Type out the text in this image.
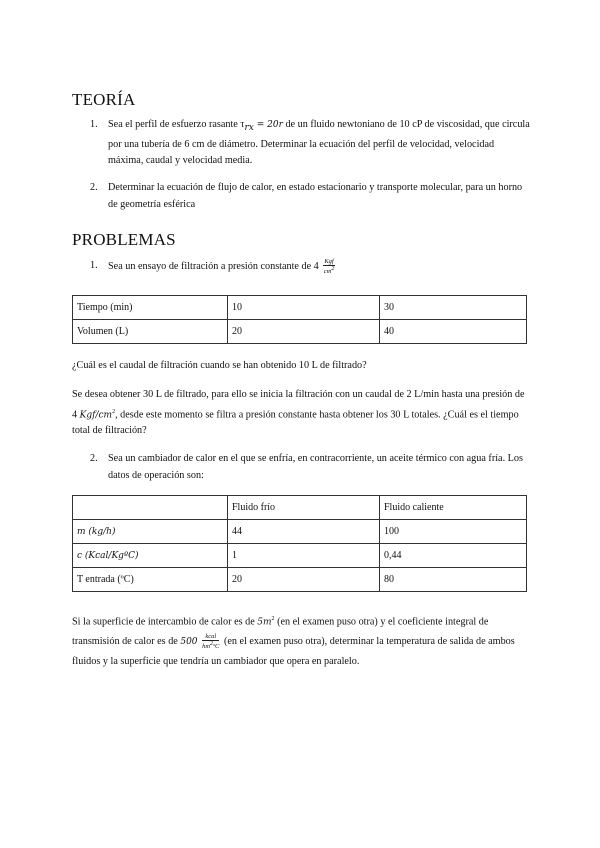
TEORÍA
1. Sea el perfil de esfuerzo rasante $\tau_{rx} = 20r$ de un fluido newtoniano de 10 cP de viscosidad, que circula por una tubería de 6 cm de diámetro. Determinar la ecuación del perfil de velocidad, velocidad máxima, caudal y velocidad media.
2. Determinar la ecuación de flujo de calor, en estado estacionario y transporte molecular, para un horno de geometría esférica
PROBLEMAS
1. Sea un ensayo de filtración a presión constante de $4 \frac{\text{Kgf}}{cm^2}$
Tiempo (min)	10	30
Volumen (L)	20	40
¿Cuál es el caudal de filtración cuando se han obtenido 10 L de filtrado?
Se desea obtener 30 L de filtrado, para ello se inicia la filtración con un caudal de 2 L/min hasta una presión de 4 Kgf/$cm^2$, desde este momento se filtra a presión constante hasta obtener los 30 L totales. ¿Cuál es el tiempo total de filtración?
2. Sea un cambiador de calor en el que se enfría, en contracorriente, un aceite térmico con agua fría. Los datos de operación son:
	Fluido frío	Fluido caliente
m (kg/h)	44	100
c (Kcal/KgºC)	1	0,44
T entrada (ºC)	20	80
Si la superficie de intercambio de calor es de $5m^2$ (en el examen puso otra) y el coeficiente integral de transmisión de calor es de $500 \frac{\text{kcal}}{hm^2ºC} (en$ el examen puso otra), determinar la temperatura de salida de ambos fluidos y la superficie que tendría un cambiador que opera en paralelo.
